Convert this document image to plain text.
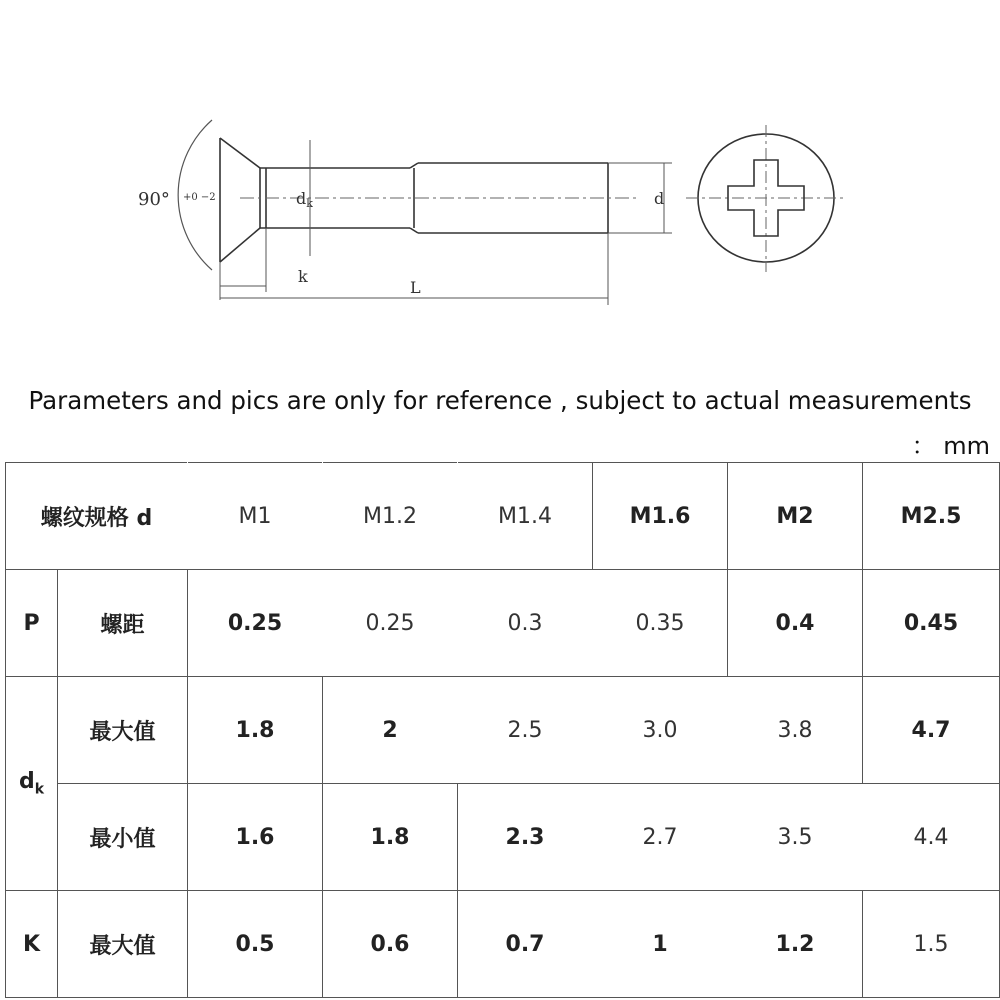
90° +0 −2	dk
k
L
d
Parameters and pics are only for reference , subject to actual measurements
： mm
螺纹规格 d		M1	M1.2	M1.4	M1.6	M2	M2.5
P	螺距	0.25	0.25	0.3	0.35	0.4	0.45
$d_k$	最大值	1.8	2	2.5	3.0	3.8	4.7
	最小值	1.6	1.8	2.3	2.7	3.5	4.4
K	最大值	0.5	0.6	0.7	1	1.2	1.5
